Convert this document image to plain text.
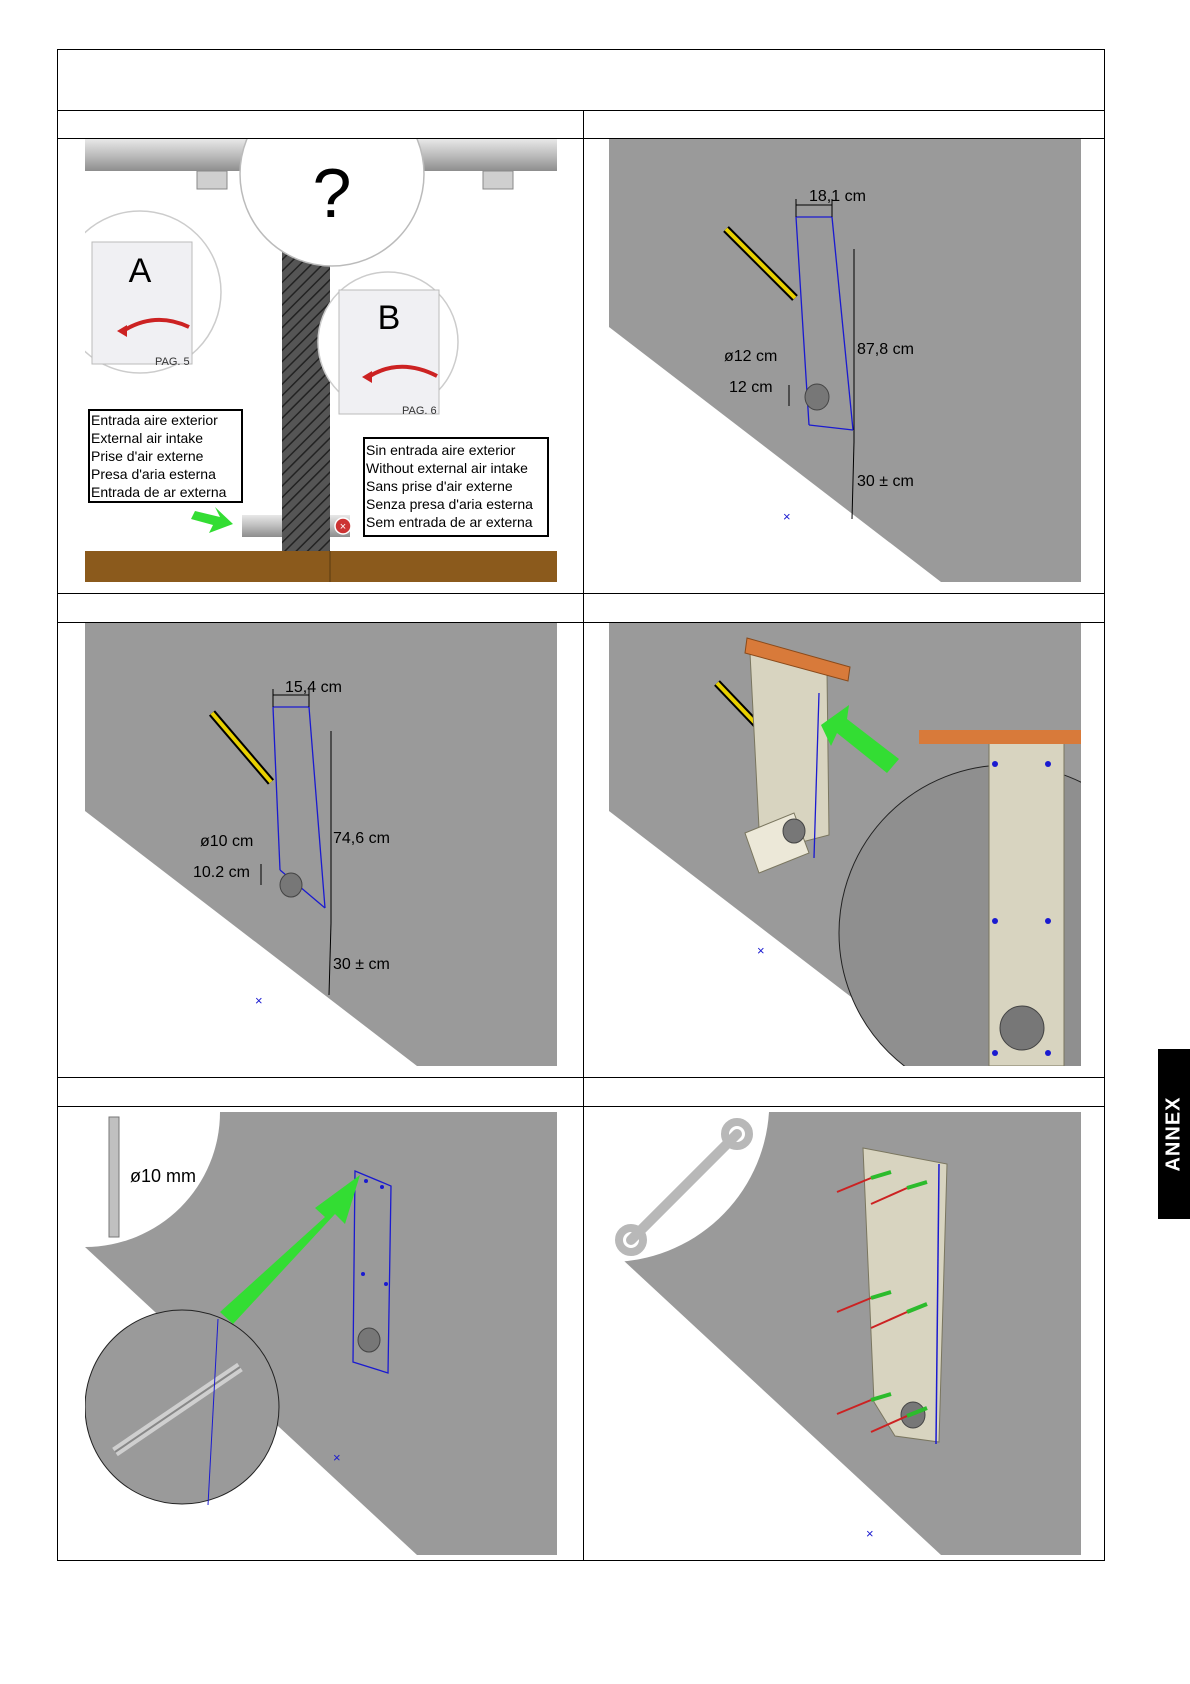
×
?
A
PAG. 5
B
PAG. 6
Entrada aire exterior
External air intake
Prise d'air externe
Presa d'aria esterna
Entrada de ar externa
Sin entrada aire exterior
Without external air intake
Sans prise d'air externe
Senza presa d'aria esterna
Sem entrada de ar externa
18,1 cm
87,8 cm
ø12 cm
12 cm
30 ± cm
×
15,4 cm
74,6 cm
ø10 cm
10.2 cm
30 ± cm
×
×
ø10 mm
×
×
ANNEX
